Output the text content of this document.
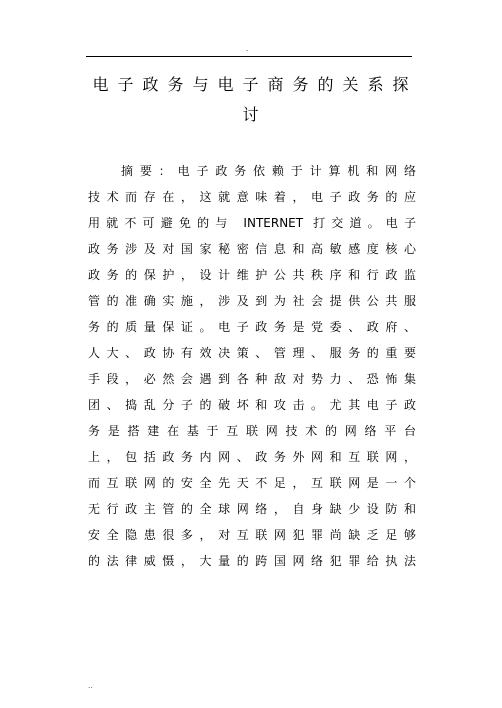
.
电子政务与电子商务的关系探
讨
摘要：电子政务依赖于计算机和网络
技术而存在，这就意味着，电子政务的应
用就不可避免的与 INTERNET 打交道。电子
政务涉及对国家秘密信息和高敏感度核心
政务的保护，设计维护公共秩序和行政监
管的准确实施，涉及到为社会提供公共服
务的质量保证。电子政务是党委、政府、
人大、政协有效决策、管理、服务的重要
手段，必然会遇到各种敌对势力、恐怖集
团、捣乱分子的破坏和攻击。尤其电子政
务是搭建在基于互联网技术的网络平台
上，包括政务内网、政务外网和互联网，
而互联网的安全先天不足，互联网是一个
无行政主管的全球网络，自身缺少设防和
安全隐患很多，对互联网犯罪尚缺乏足够
的法律威慑，大量的跨国网络犯罪给执法
..
